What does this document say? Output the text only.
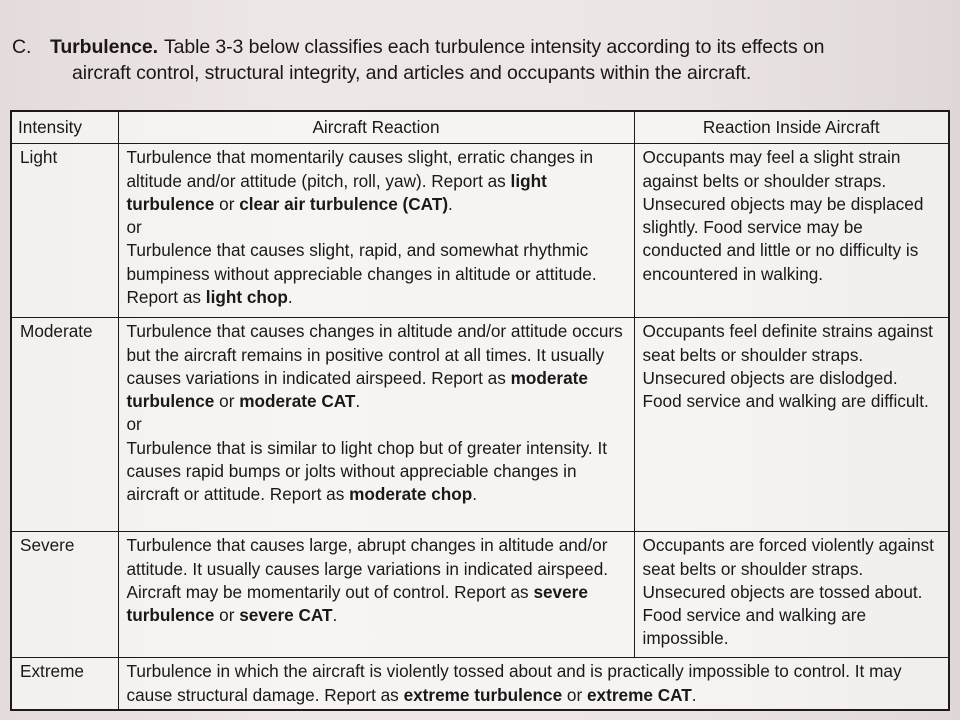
C. Turbulence. Table 3-3 below classifies each turbulence intensity according to its effects on
aircraft control, structural integrity, and articles and occupants within the aircraft.
Intensity	Aircraft Reaction	Reaction Inside Aircraft
Light	Turbulence that momentarily causes slight, erratic changes in altitude and/or attitude (pitch, roll, yaw). Report as light turbulence or clear air turbulence (CAT).
or
Turbulence that causes slight, rapid, and somewhat rhythmic bumpiness without appreciable changes in altitude or attitude. Report as light chop.	Occupants may feel a slight strain against belts or shoulder straps. Unsecured objects may be displaced slightly. Food service may be conducted and little or no difficulty is encountered in walking.
Moderate	Turbulence that causes changes in altitude and/or attitude occurs but the aircraft remains in positive control at all times. It usually causes variations in indicated airspeed. Report as moderate turbulence or moderate CAT.
or
Turbulence that is similar to light chop but of greater intensity. It causes rapid bumps or jolts without appreciable changes in aircraft or attitude. Report as moderate chop.	Occupants feel definite strains against seat belts or shoulder straps. Unsecured objects are dislodged. Food service and walking are difficult.
Severe	Turbulence that causes large, abrupt changes in altitude and/or attitude. It usually causes large variations in indicated airspeed. Aircraft may be momentarily out of control. Report as severe turbulence or severe CAT.	Occupants are forced violently against seat belts or shoulder straps. Unsecured objects are tossed about. Food service and walking are impossible.
Extreme	Turbulence in which the aircraft is violently tossed about and is practically impossible to control. It may cause structural damage. Report as extreme turbulence or extreme CAT.	
